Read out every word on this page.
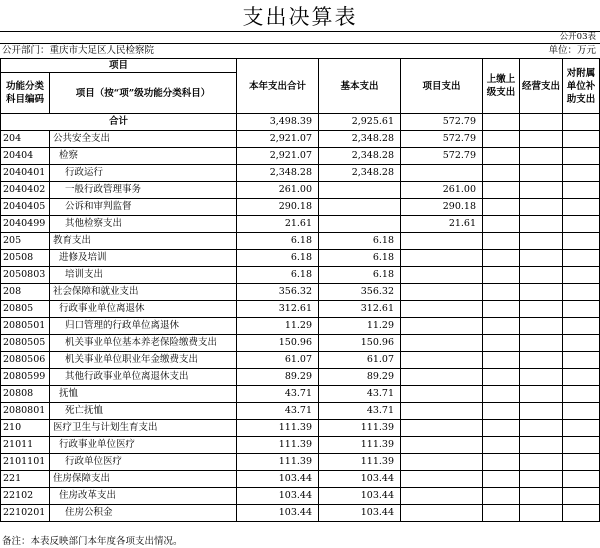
支出决算表
公开03表
公开部门：重庆市大足区人民检察院	单位：万元
项目		本年支出合计	基本支出	项目支出	上缴上级支出	经营支出	对附属单位补助支出
功能分类科目编码	项目（按“项”级功能分类科目）						
合计		3,498.39	2,925.61	572.79			
204	公共安全支出	2,921.07	2,348.28	572.79			
20404	检察	2,921.07	2,348.28	572.79			
2040401	行政运行	2,348.28	2,348.28				
2040402	一般行政管理事务	261.00		261.00			
2040405	公诉和审判监督	290.18		290.18			
2040499	其他检察支出	21.61		21.61			
205	教育支出	6.18	6.18				
20508	进修及培训	6.18	6.18				
2050803	培训支出	6.18	6.18				
208	社会保障和就业支出	356.32	356.32				
20805	行政事业单位离退休	312.61	312.61				
2080501	归口管理的行政单位离退休	11.29	11.29				
2080505	机关事业单位基本养老保险缴费支出	150.96	150.96				
2080506	机关事业单位职业年金缴费支出	61.07	61.07				
2080599	其他行政事业单位离退休支出	89.29	89.29				
20808	抚恤	43.71	43.71				
2080801	死亡抚恤	43.71	43.71				
210	医疗卫生与计划生育支出	111.39	111.39				
21011	行政事业单位医疗	111.39	111.39				
2101101	行政单位医疗	111.39	111.39				
221	住房保障支出	103.44	103.44				
22102	住房改革支出	103.44	103.44				
2210201	住房公积金	103.44	103.44				
备注：本表反映部门本年度各项支出情况。
